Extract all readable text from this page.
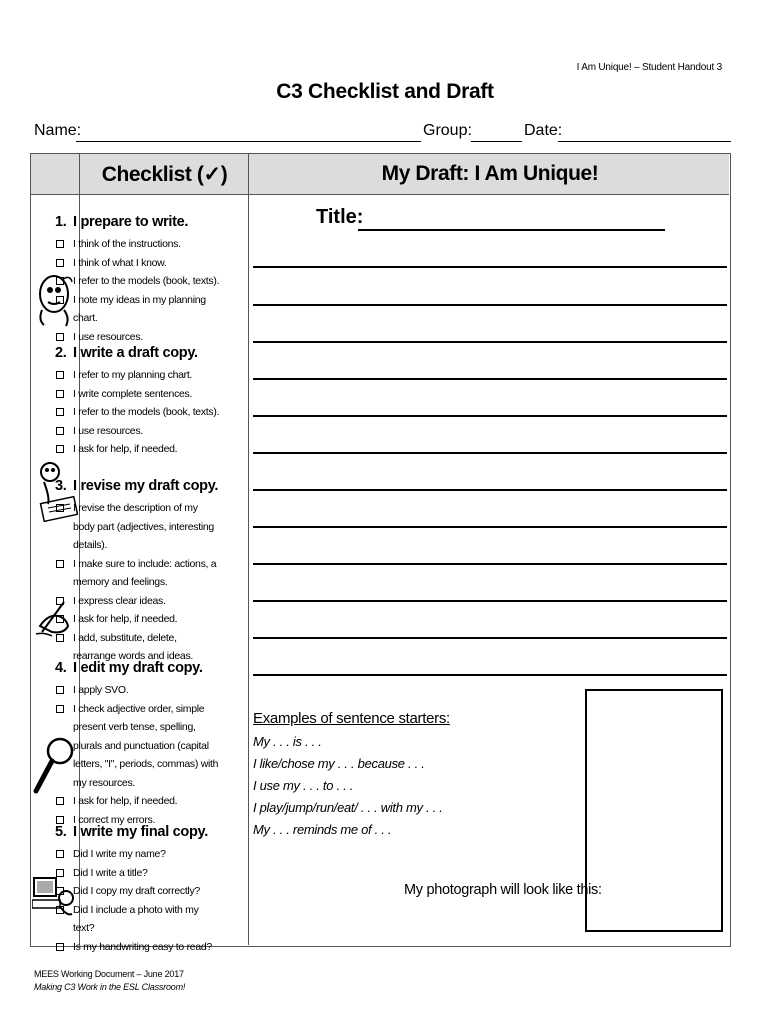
I Am Unique! – Student Handout 3
C3 Checklist and Draft
Name:	Group:	Date:
Checklist (✓)	My Draft: I Am Unique!
1. I prepare to write.
I think of the instructions.
I think of what I know.
I refer to the models (book, texts).
I note my ideas in my planning chart.
I use resources.
2. I write a draft copy.
I refer to my planning chart.
I write complete sentences.
I refer to the models (book, texts).
I use resources.
I ask for help, if needed.
3. I revise my draft copy.
I revise the description of my body part (adjectives, interesting details).
I make sure to include: actions, a memory and feelings.
I express clear ideas.
I ask for help, if needed.
I add, substitute, delete, rearrange words and ideas.
4. I edit my draft copy.
I apply SVO.
I check adjective order, simple present verb tense, spelling, plurals and punctuation (capital letters, "I", periods, commas) with my resources.
I ask for help, if needed.
I correct my errors.
5. I write my final copy.
Did I write my name?
Did I write a title?
Did I copy my draft correctly?
Did I include a photo with my text?
Is my handwriting easy to read?
Title:
Examples of sentence starters:
My . . . is . . .
I like/chose my . . . because . . .
I use my . . . to . . .
I play/jump/run/eat/ . . . with my . . .
My . . . reminds me of . . .
My photograph will look like this:
MEES Working Document – June 2017
Making C3 Work in the ESL Classroom!
